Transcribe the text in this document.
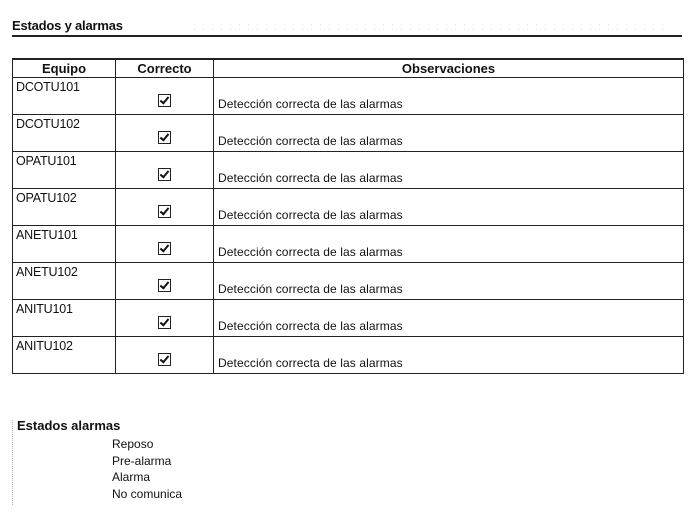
Estados y alarmas
Equipo	Correcto	Observaciones

DCOTU101		Detección correcta de las alarmas

DCOTU102		Detección correcta de las alarmas

OPATU101		Detección correcta de las alarmas

OPATU102		Detección correcta de las alarmas

ANETU101		Detección correcta de las alarmas

ANETU102		Detección correcta de las alarmas

ANITU101		Detección correcta de las alarmas

ANITU102		Detección correcta de las alarmas
Estados alarmas
Reposo
Pre-alarma
Alarma
No comunica
